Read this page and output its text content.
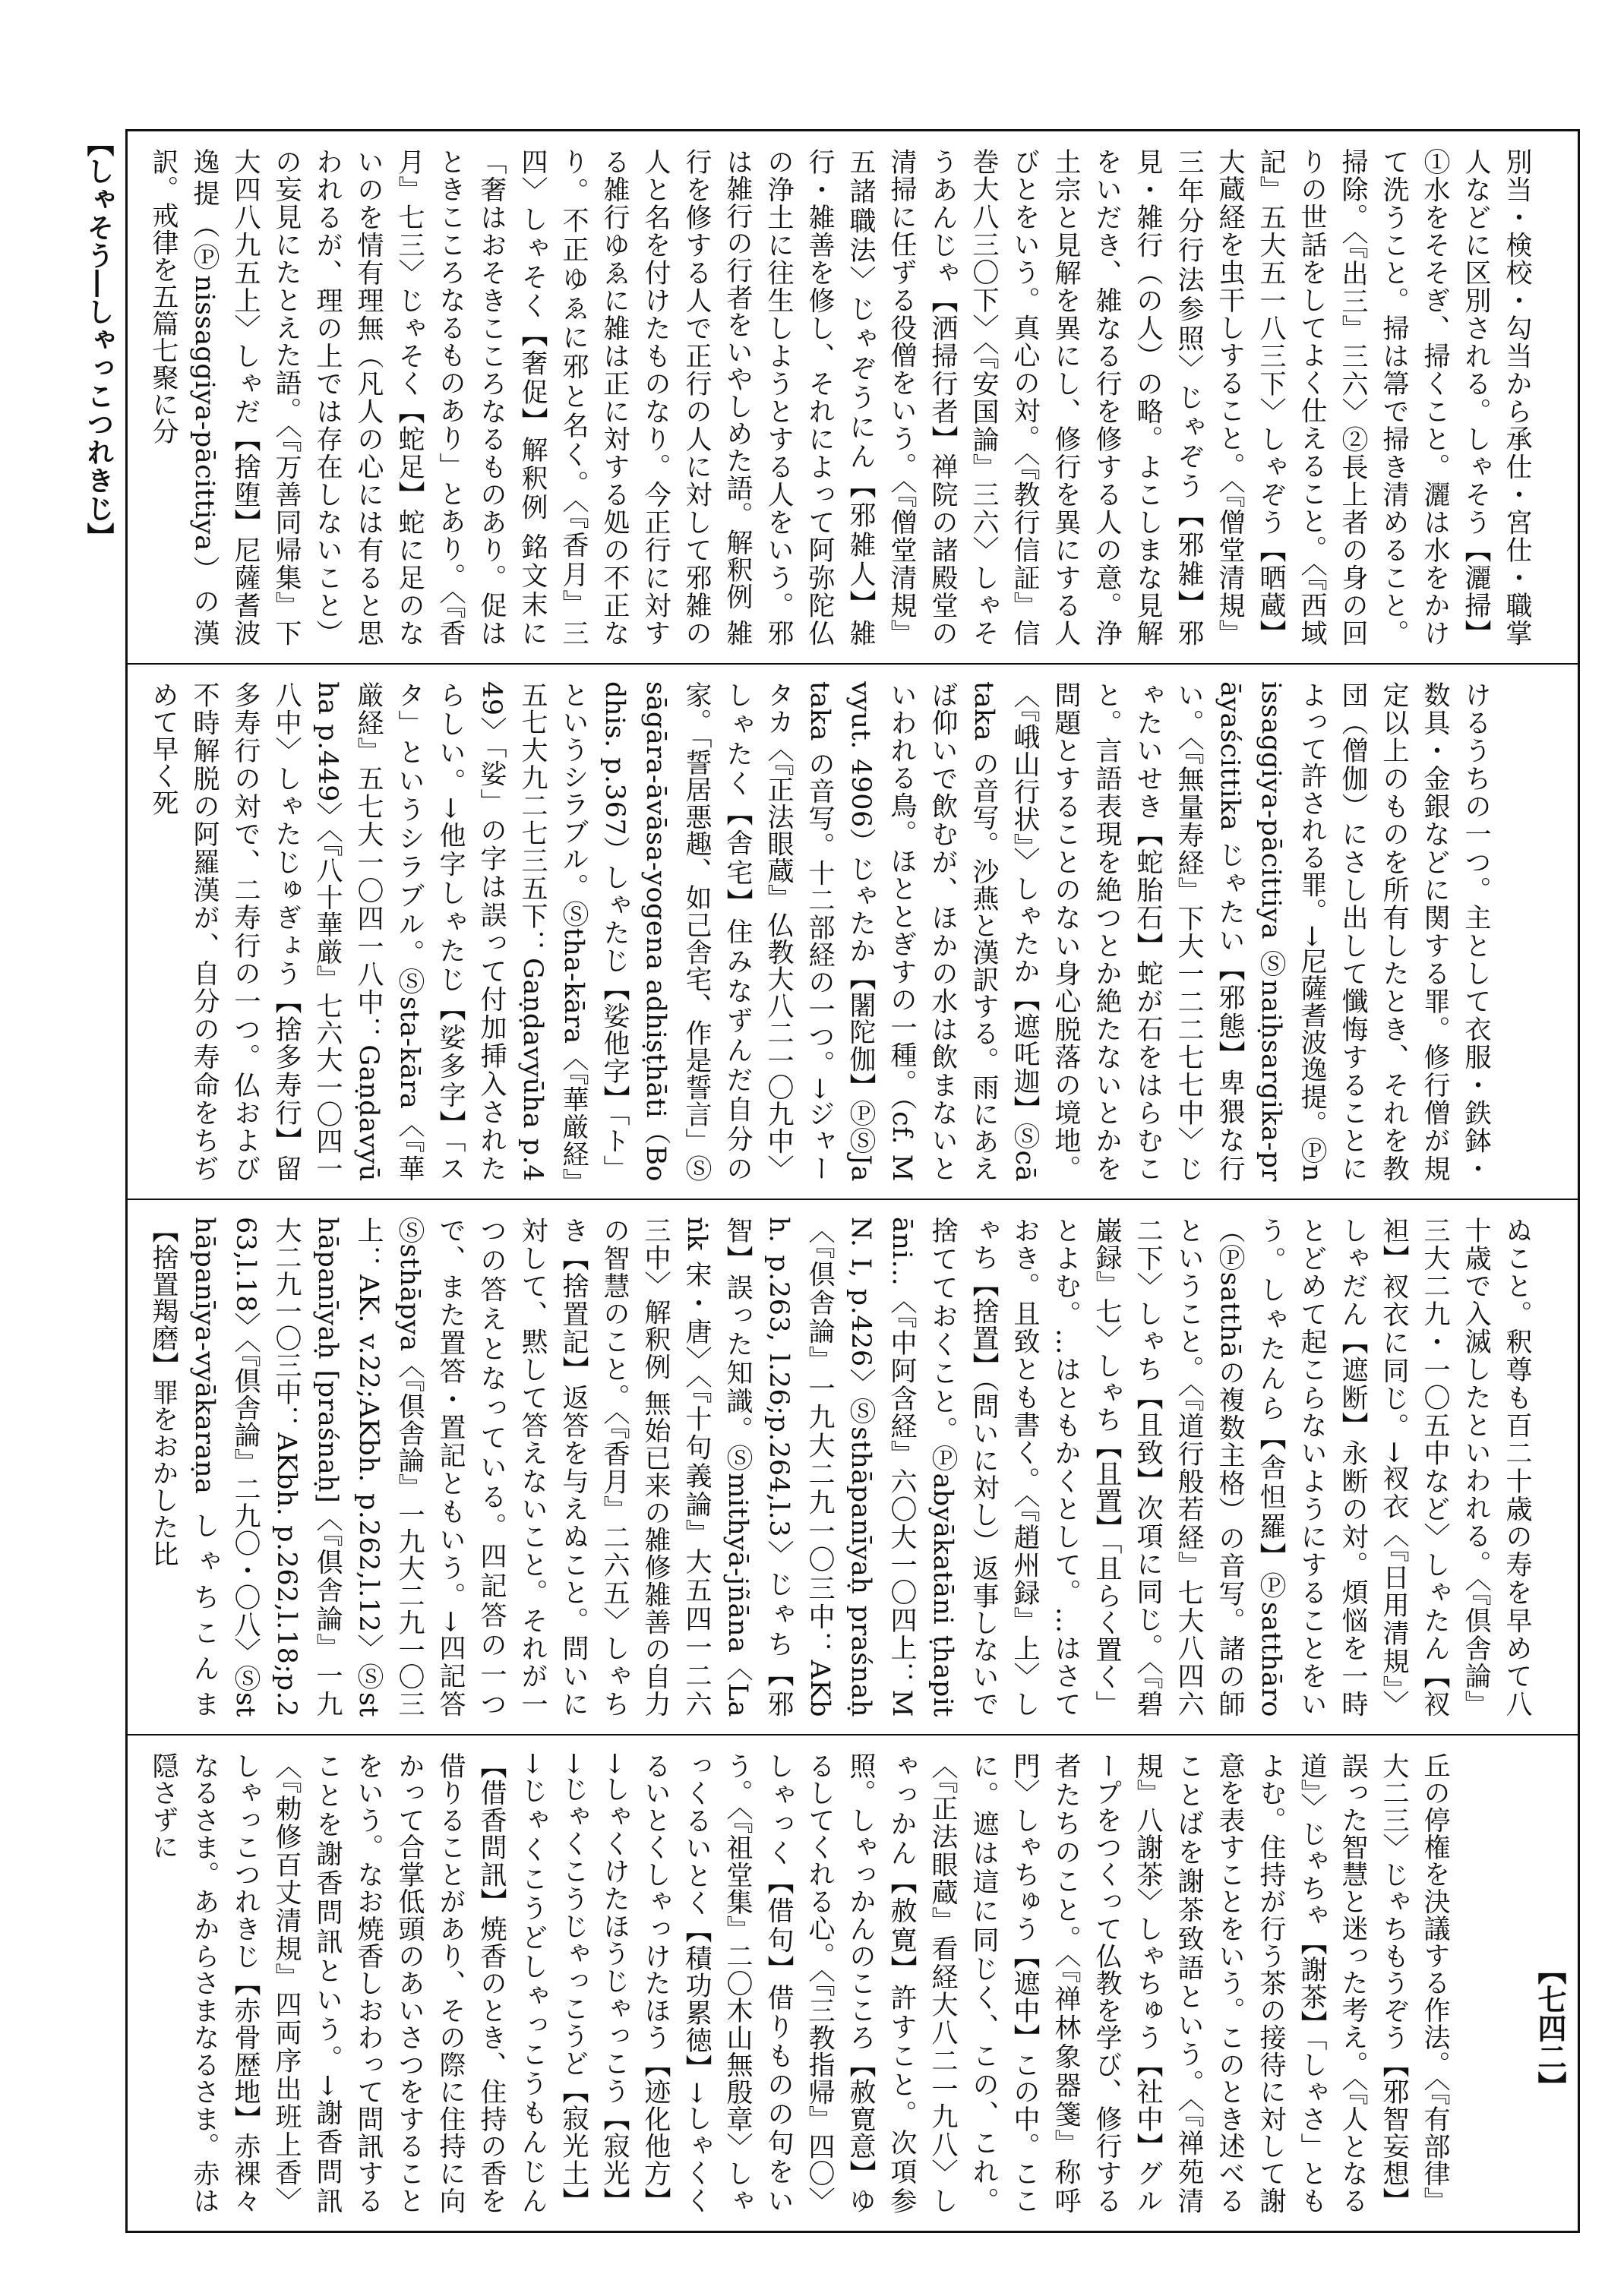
【しゃそう―しゃっこつれきじ】	別当・検校・勾当から承仕・宮仕・職掌人などに区別される。しゃそう【灑掃】①水をそそぎ、掃くこと。灑は水をかけて洗うこと。掃は箒で掃き清めること。掃除。〈『出三』三六〉②長上者の身の回りの世話をしてよく仕えること。〈『西域記』五大五一八三下〉しゃぞう【晒蔵】大蔵経を虫干しすること。〈『僧堂清規』三年分行法参照〉じゃぞう【邪雑】邪見・雑行（の人）の略。よこしまな見解をいだき、雑なる行を修する人の意。浄土宗と見解を異にし、修行を異にする人びとをいう。真心の対。〈『教行信証』信巻大八三〇下〉〈『安国論』三六〉しゃそうあんじゃ【洒掃行者】禅院の諸殿堂の清掃に任ずる役僧をいう。〈『僧堂清規』五諸職法〉じゃぞうにん【邪雑人】雑行・雑善を修し、それによって阿弥陀仏の浄土に往生しようとする人をいう。邪は雑行の行者をいやしめた語。解釈例 雑行を修する人で正行の人に対して邪雑の人と名を付けたものなり。今正行に対する雑行ゆゑに雑は正に対する処の不正なり。不正ゆゑに邪と名く。〈『香月』三四〉しゃそく【奢促】解釈例 銘文末に「奢はおそきこころなるものあり。促はときこころなるものあり」とあり。〈『香月』七三〉じゃそく【蛇足】蛇に足のないのを情有理無（凡人の心には有ると思われるが、理の上では存在しないこと）の妄見にたとえた語。〈『万善同帰集』下大四八九五上〉しゃだ【捨堕】尼薩耆波逸提（Ⓟnissaggiya-pācittiya）の漢訳。戒律を五篇七聚に分
けるうちの一つ。主として衣服・鉄鉢・数具・金銀などに関する罪。修行僧が規定以上のものを所有したとき、それを教団（僧伽）にさし出して懺悔することによって許される罪。→尼薩耆波逸提。Ⓟnissaggiya-pācittiya Ⓢnaiḥsargika-prāyaścittika じゃたい【邪態】卑猥な行い。〈『無量寿経』下大一二二七七中〉じゃたいせき【蛇胎石】蛇が石をはらむこと。言語表現を絶つとか絶たないとかを問題とすることのない身心脱落の境地。〈『峨山行状』〉しゃたか【遮吒迦】Ⓢcātaka の音写。沙燕と漢訳する。雨にあえば仰いで飲むが、ほかの水は飲まないといわれる鳥。ほととぎすの一種。（cf. Mvyut. 4906）じゃたか【闍陀伽】ⓅⓈJataka の音写。十二部経の一つ。→ジャータカ〈『正法眼蔵』仏教大八二一〇九中〉しゃたく【舎宅】住みなずんだ自分の家。「誓居悪趣、如己舎宅、作是誓言」Ⓢsāgāra-āvāsa-yogena adhiṣṭhāti（Bodhis. p.367）しゃたじ【娑他字】「ト」というシラブル。Ⓢtha-kāra〈『華厳経』五七大九二七三五下：Gaṇḍavyūha p.449〉「娑」の字は誤って付加挿入されたらしい。→他字しゃたじ【娑多字】「スタ」というシラブル。Ⓢsta-kāra〈『華厳経』五七大一〇四一八中：Gaṇḍavyūha p.449〉〈『八十華厳』七六大一〇四一八中〉しゃたじゅぎょう【捨多寿行】留多寿行の対で、二寿行の一つ。仏および不時解脱の阿羅漢が、自分の寿命をちぢめて早く死
ぬこと。釈尊も百二十歳の寿を早めて八十歳で入滅したといわれる。〈『倶舎論』三大二九・一〇五中など〉しゃたん【衩袒】衩衣に同じ。→衩衣〈『日用清規』〉しゃだん【遮断】永断の対。煩悩を一時とどめて起こらないようにすることをいう。しゃたんら【舎怛羅】Ⓟsatthāro（Ⓟsatthāの複数主格）の音写。諸の師ということ。〈『道行般若経』七大八四六二下〉しゃち【且致】次項に同じ。〈『碧巌録』七〉しゃち【且置】「且らく置く」とよむ。…はともかくとして。…はさておき。且致とも書く。〈『趙州録』上〉しゃち【捨置】（問いに対し）返事しないで捨てておくこと。Ⓟabyākatāni ṭhapitāni…〈『中阿含経』六〇大一〇四上：MN. I, p.426〉Ⓢsthāpanīyaḥ praśnaḥ〈『倶舎論』一九大二九一〇三中：AKbh. p.263, l.26;p.264,l.3〉じゃち【邪智】誤った知識。Ⓢmithyā-jñāna〈Laṅk 宋・唐〉〈『十句義論』大五四一二六三中〉解釈例 無始已来の雑修雑善の自力の智慧のこと。〈『香月』二六五〉しゃちき【捨置記】返答を与えぬこと。問いに対して、黙して答えないこと。それが一つの答えとなっている。四記答の一つで、また置答・置記ともいう。→四記答Ⓢsthāpya〈『倶舎論』一九大二九一〇三上：AK. v.22;AKbh. p.262,l.12〉Ⓢsthāpanīyaḥ [praśnaḥ]〈『倶舎論』一九大二九一〇三中：AKbh. p.262,l.18;p.263,l.18〉〈『倶舎論』二九〇・〇八〉Ⓢsthāpanīya-vyākaraṇa しゃちこんま【捨置羯磨】罪をおかした比
丘の停権を決議する作法。〈『有部律』大二三〉じゃちもうぞう【邪智妄想】誤った智慧と迷った考え。〈『人となる道』〉じゃちゃ【謝茶】「しゃさ」ともよむ。住持が行う茶の接待に対して謝意を表すことをいう。このとき述べることばを謝茶致語という。〈『禅苑清規』八謝茶〉しゃちゅう【社中】グループをつくって仏教を学び、修行する者たちのこと。〈『禅林象器箋』称呼門〉しゃちゅう【遮中】この中。ここに。遮は這に同じく、この、これ。〈『正法眼蔵』看経大八二一九八〉しゃっかん【赦寛】許すこと。次項参照。しゃっかんのこころ【赦寛意】ゆるしてくれる心。〈『三教指帰』四〇〉しゃっく【借句】借りものの句をいう。〈『祖堂集』二〇木山無殷章〉しゃっくるいとく【積功累徳】→しゃくくるいとくしゃっけたほう【迹化他方】→しゃくけたほうじゃっこう【寂光】→じゃくこうじゃっこうど【寂光土】→じゃくこうどしゃっこうもんじん【借香問訊】焼香のとき、住持の香を借りることがあり、その際に住持に向かって合掌低頭のあいさつをすることをいう。なお焼香しおわって問訊することを謝香問訊という。→謝香問訊〈『勅修百丈清規』四両序出班上香〉しゃっこつれきじ【赤骨歴地】赤裸々なるさま。あからさまなるさま。赤は隠さずに
【七四二】
